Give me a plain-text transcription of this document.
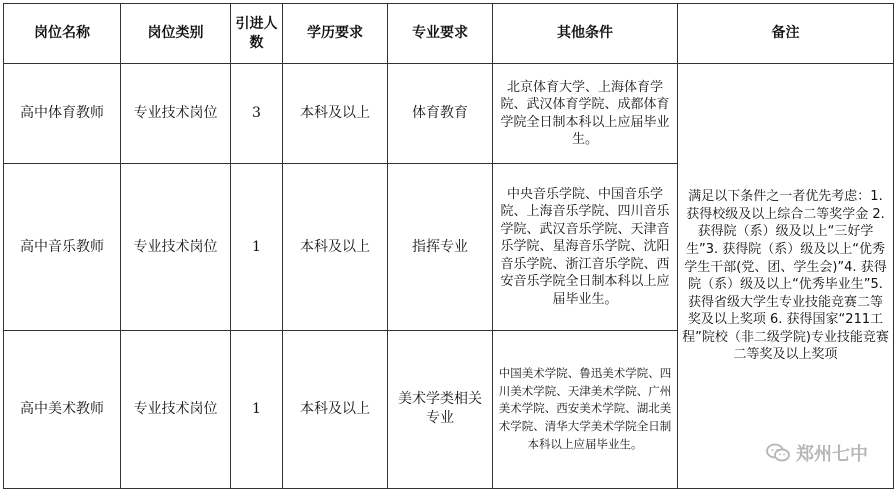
岗位名称	岗位类别	引进人数	学历要求	专业要求	其他条件	备注
高中体育教师	专业技术岗位	3	本科及以上	体育教育	北京体育大学、上海体育学院、武汉体育学院、成都体育学院全日制本科以上应届毕业生。	满足以下条件之一者优先考虑：1.获得校级及以上综合二等奖学金 2.获得院（系）级及以上“三好学生”3. 获得院（系）级及以上“优秀学生干部(党、团、学生会)”4. 获得院（系）级及以上“优秀毕业生”5.获得省级大学生专业技能竞赛二等奖及以上奖项 6. 获得国家“211工程”院校（非二级学院)专业技能竞赛二等奖及以上奖项
高中音乐教师	专业技术岗位	1	本科及以上	指挥专业	中央音乐学院、中国音乐学院、上海音乐学院、四川音乐学院、武汉音乐学院、天津音乐学院、星海音乐学院、沈阳音乐学院、浙江音乐学院、西安音乐学院全日制本科以上应届毕业生。	
高中美术教师	专业技术岗位	1	本科及以上	美术学类相关专业	中国美术学院、鲁迅美术学院、四川美术学院、天津美术学院、广州美术学院、西安美术学院、湖北美术学院、清华大学美术学院全日制本科以上应届毕业生。		郑州七中
